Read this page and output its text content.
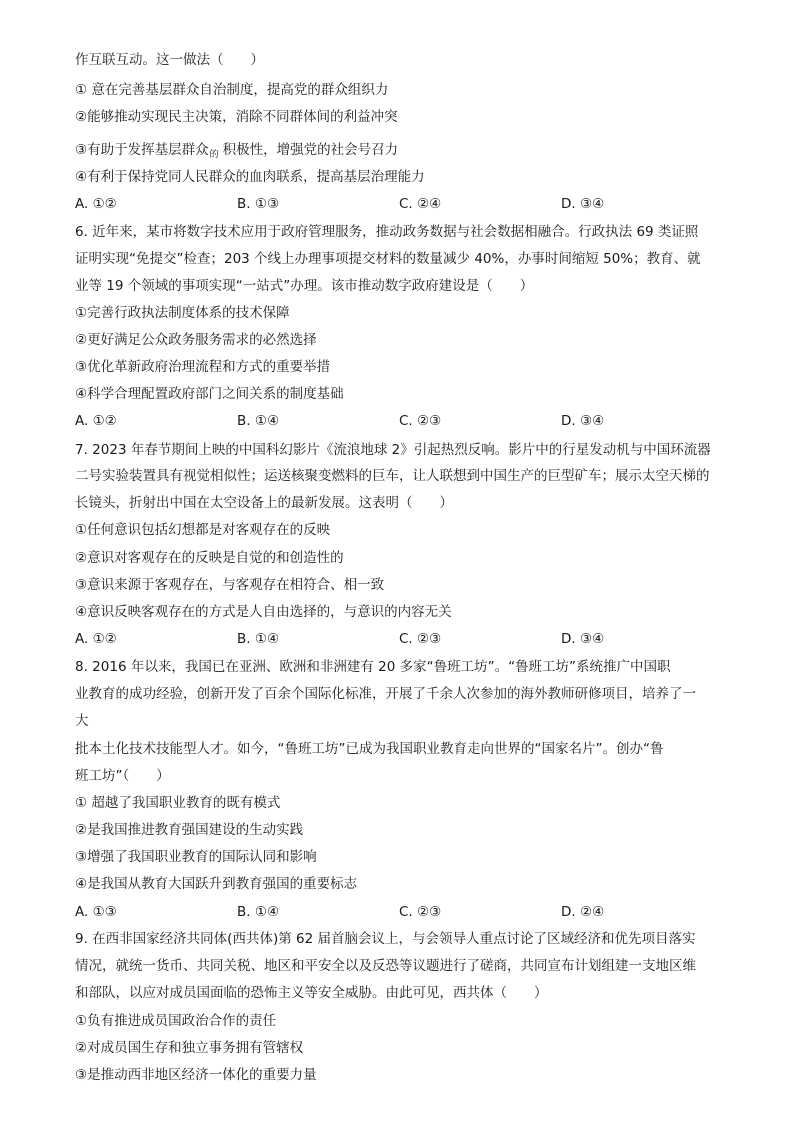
作互联互动。这一做法（　　）
① 意在完善基层群众自治制度，提高党的群众组织力
②能够推动实现民主决策，消除不同群体间的利益冲突
③有助于发挥基层群众 的 积极性，增强党的社会号召力
④有利于保持党同人民群众的血肉联系，提高基层治理能力
A. ①②	B. ①③	C. ②④	D. ③④
6. 近年来，某市将数字技术应用于政府管理服务，推动政务数据与社会数据相融合。行政执法 69 类证照
证明实现“免提交”检查；203 个线上办理事项提交材料的数量减少 40%，办事时间缩短 50%；教育、就
业等 19 个领域的事项实现“一站式”办理。该市推动数字政府建设是（　　）
①完善行政执法制度体系的技术保障
②更好满足公众政务服务需求的必然选择
③优化革新政府治理流程和方式的重要举措
④科学合理配置政府部门之间关系的制度基础
A. ①②	B. ①④	C. ②③	D. ③④
7. 2023 年春节期间上映的中国科幻影片《流浪地球 2》引起热烈反响。影片中的行星发动机与中国环流器
二号实验装置具有视觉相似性；运送核聚变燃料的巨车，让人联想到中国生产的巨型矿车；展示太空天梯的
长镜头，折射出中国在太空设备上的最新发展。这表明（　　）
①任何意识包括幻想都是对客观存在的反映
②意识对客观存在的反映是自觉的和创造性的
③意识来源于客观存在，与客观存在相符合、相一致
④意识反映客观存在的方式是人自由选择的，与意识的内容无关
A. ①②	B. ①④	C. ②③	D. ③④
8. 2016 年以来，我国已在亚洲、欧洲和非洲建有 20 多家“鲁班工坊”。“鲁班工坊”系统推广中国职
业教育的成功经验，创新开发了百余个国际化标准，开展了千余人次参加的海外教师研修项目，培养了一
大
批本土化技术技能型人才。如今，“鲁班工坊”已成为我国职业教育走向世界的“国家名片”。创办“鲁
班工坊”（　　）
① 超越了我国职业教育的既有模式
②是我国推进教育强国建设的生动实践
③增强了我国职业教育的国际认同和影响
④是我国从教育大国跃升到教育强国的重要标志
A. ①③	B. ①④	C. ②③	D. ②④
9. 在西非国家经济共同体(西共体)第 62 届首脑会议上，与会领导人重点讨论了区域经济和优先项目落实
情况，就统一货币、共同关税、地区和平安全以及反恐等议题进行了磋商，共同宣布计划组建一支地区维
和部队，以应对成员国面临的恐怖主义等安全威胁。由此可见，西共体（　　）
①负有推进成员国政治合作的责任
②对成员国生存和独立事务拥有管辖权
③是推动西非地区经济一体化的重要力量
